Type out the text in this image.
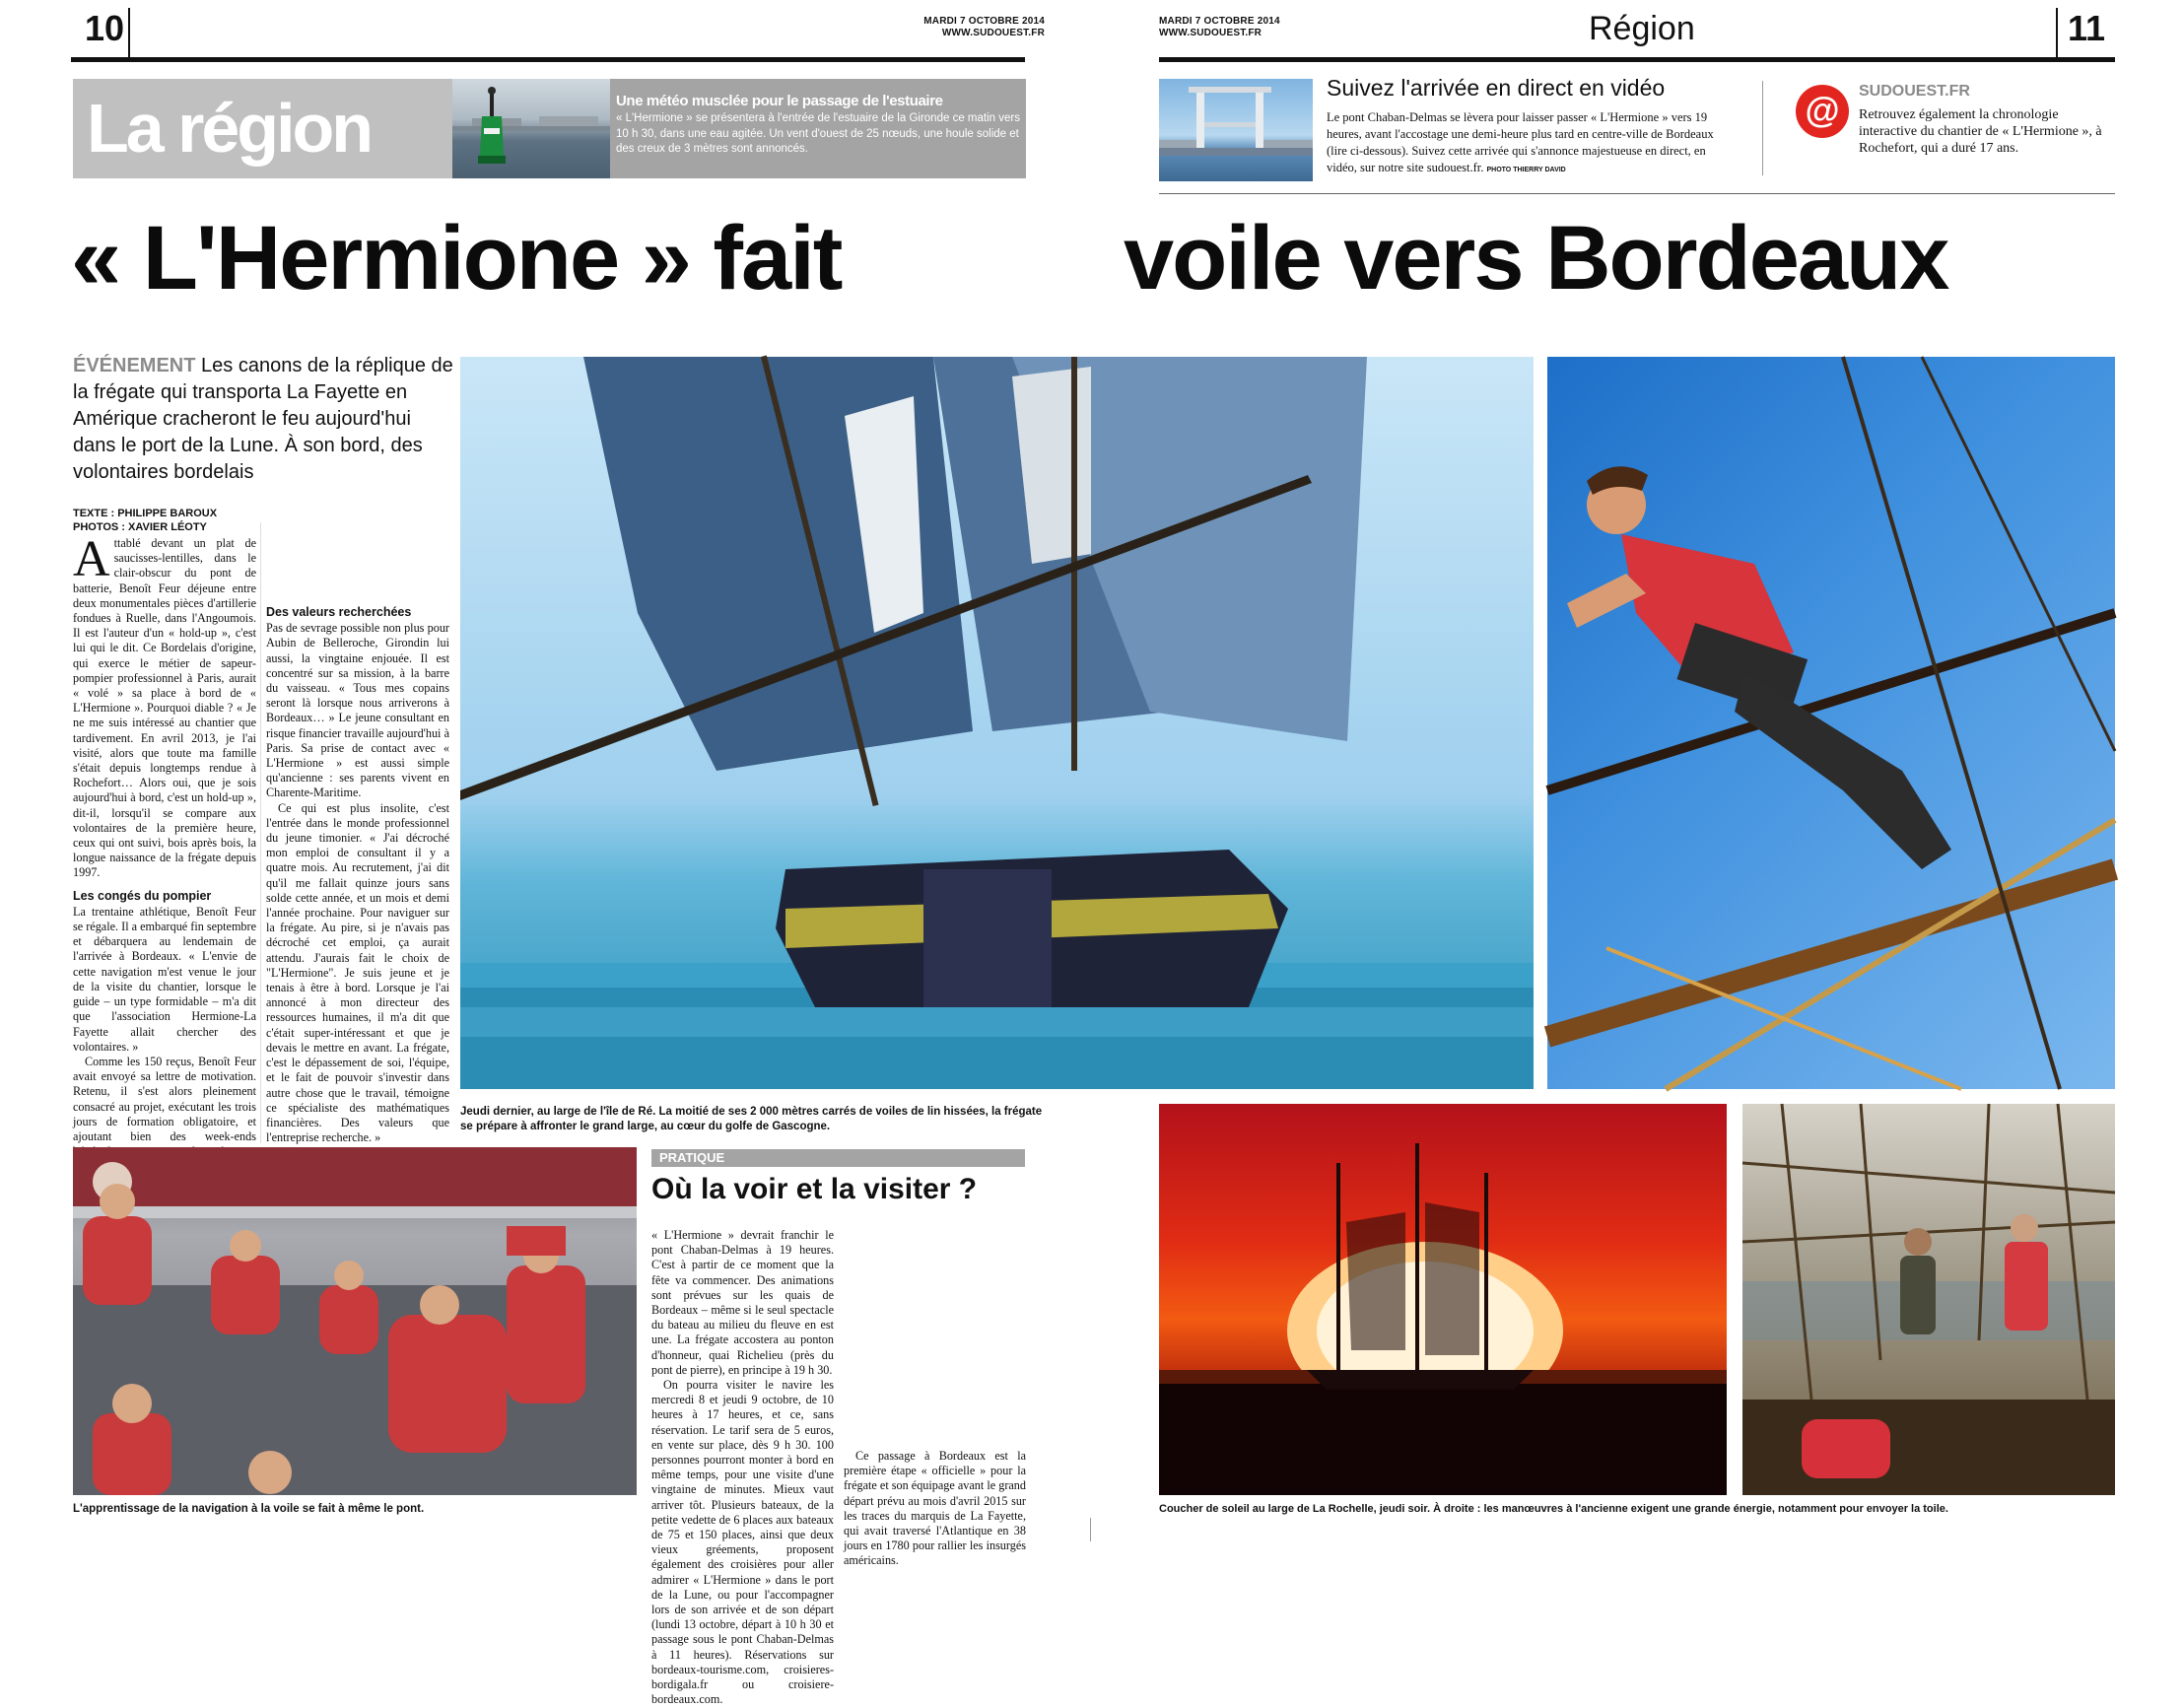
10	MARDI 7 OCTOBRE 2014
WWW.SUDOUEST.FR
MARDI 7 OCTOBRE 2014
WWW.SUDOUEST.FR	Région	11
La région	Une météo musclée pour le passage de l'estuaire
« L'Hermione » se présentera à l'entrée de l'estuaire de la Gironde ce matin vers 10 h 30, dans une eau agitée. Un vent d'ouest de 25 nœuds, une houle solide et des creux de 3 mètres sont annoncés.
Suivez l'arrivée en direct en vidéo
Le pont Chaban-Delmas se lèvera pour laisser passer « L'Hermione » vers 19 heures, avant l'accostage une demi-heure plus tard en centre-ville de Bordeaux (lire ci-dessous). Suivez cette arrivée qui s'annonce majestueuse en direct, en vidéo, sur notre site sudouest.fr. PHOTO THIERRY DAVID
@	SUDOUEST.FR
Retrouvez également la chronologie interactive du chantier de « L'Hermione », à Rochefort, qui a duré 17 ans.
« L'Hermione » fait	voile vers Bordeaux
ÉVÉNEMENT Les canons de la réplique de la frégate qui transporta La Fayette en Amérique cracheront le feu aujourd'hui dans le port de la Lune. À son bord, des volontaires bordelais
TEXTE : PHILIPPE BAROUX
PHOTOS : XAVIER LÉOTY

Attablé devant un plat de saucisses-lentilles, dans le clair-obscur du pont de batterie, Benoît Feur déjeune entre deux monumentales pièces d'artillerie fondues à Ruelle, dans l'Angoumois. Il est l'auteur d'un « hold-up », c'est lui qui le dit. Ce Bordelais d'origine, qui exerce le métier de sapeur-pompier professionnel à Paris, aurait « volé » sa place à bord de « L'Hermione ». Pourquoi diable ? « Je ne me suis intéressé au chantier que tardivement. En avril 2013, je l'ai visité, alors que toute ma famille s'était depuis longtemps rendue à Rochefort… Alors oui, que je sois aujourd'hui à bord, c'est un hold-up », dit-il, lorsqu'il se compare aux volontaires de la première heure, ceux qui ont suivi, bois après bois, la longue naissance de la frégate depuis 1997.

Les congés du pompier

La trentaine athlétique, Benoît Feur se régale. Il a embarqué fin septembre et débarquera au lendemain de l'arrivée à Bordeaux. « L'envie de cette navigation m'est venue le jour de la visite du chantier, lorsque le guide – un type formidable – m'a dit que l'association Hermione-La Fayette allait chercher des volontaires. »

Comme les 150 reçus, Benoît Feur avait envoyé sa lettre de motivation. Retenu, il s'est alors pleinement consacré au projet, exécutant les trois jours de formation obligatoire, et ajoutant bien des week-ends

Des valeurs recherchées

Pas de sevrage possible non plus pour Aubin de Belleroche, Girondin lui aussi, la vingtaine enjouée. Il est concentré sur sa mission, à la barre du vaisseau. « Tous mes copains seront là lorsque nous arriverons à Bordeaux… » Le jeune consultant en risque financier travaille aujourd'hui à Paris. Sa prise de contact avec « L'Hermione » est aussi simple qu'ancienne : ses parents vivent en Charente-Maritime.

Ce qui est plus insolite, c'est l'entrée dans le monde professionnel du jeune timonier. « J'ai décroché mon emploi de consultant il y a quatre mois. Au recrutement, j'ai dit qu'il me fallait quinze jours sans solde cette année, et un mois et demi l'année prochaine. Pour naviguer sur la frégate. Au pire, si je n'avais pas décroché cet emploi, ça aurait attendu. J'aurais fait le choix de "L'Hermione". Je suis jeune et je tenais à être à bord. Lorsque je l'ai annoncé à mon directeur des ressources humaines, il m'a dit que c'était super-intéressant et que je devais le mettre en avant. La frégate, c'est le dépassement de soi, l'équipe, et le fait de pouvoir s'investir dans autre chose que le travail, témoigne ce spécialiste des mathématiques financières. Des valeurs que l'entreprise recherche. »

Jeudi dernier, au large de l'île de Ré. La moitié de ses 2 000 mètres carrés de voiles de lin hissées, la frégate se prépare à affronter le grand large, au cœur du golfe de Gascogne.
L'apprentissage de la navigation à la voile se fait à même le pont.
PRATIQUE
Où la voir et la visiter ?

« L'Hermione » devrait franchir le pont Chaban-Delmas à 19 heures. C'est à partir de ce moment que la fête va commencer. Des animations sont prévues sur les quais de Bordeaux – même si le seul spectacle du bateau au milieu du fleuve en est une. La frégate accostera au ponton d'honneur, quai Richelieu (près du pont de pierre), en principe à 19 h 30.

On pourra visiter le navire les mercredi 8 et jeudi 9 octobre, de 10 heures à 17 heures, et ce, sans réservation. Le tarif sera de 5 euros, en vente sur place, dès 9 h 30. 100 personnes pourront monter à bord en même temps, pour une visite d'une vingtaine de minutes. Mieux vaut arriver tôt. Plusieurs bateaux, de la petite vedette de 6 places aux bateaux de 75 et 150 places, ainsi que deux vieux gréements, proposent également des croisières pour aller admirer « L'Hermione » dans le port de la Lune, ou pour l'accompagner lors de son arrivée et de son départ (lundi 13 octobre, départ à 10 h 30 et passage sous le pont Chaban-Delmas à 11 heures). Réservations sur bordeaux-tourisme.com, croisieres-bordigala.fr ou croisiere-bordeaux.com.

Ce passage à Bordeaux est la première étape « officielle » pour la frégate et son équipage avant le grand départ prévu au mois d'avril 2015 sur les traces du marquis de La Fayette, qui avait traversé l'Atlantique en 38 jours en 1780 pour rallier les insurgés américains.

Coucher de soleil au large de La Rochelle, jeudi soir. À droite : les manœuvres à l'ancienne exigent une grande énergie, notamment pour envoyer la toile.
